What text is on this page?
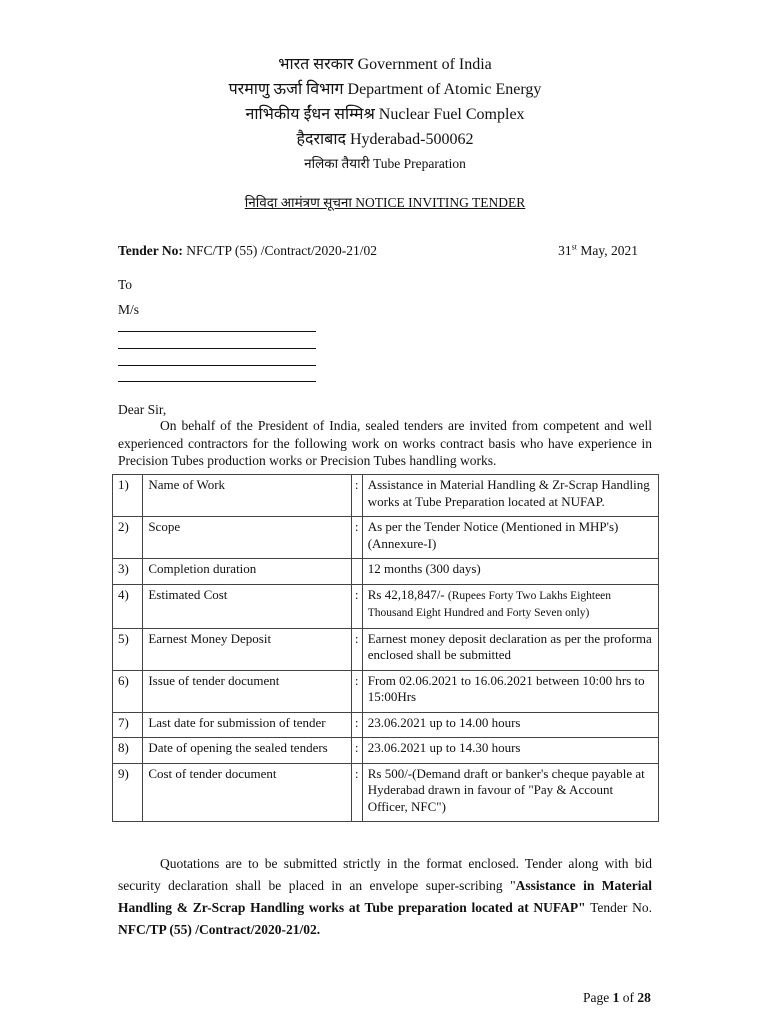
भारत सरकार Government of India
परमाणु ऊर्जा विभाग Department of Atomic Energy
नाभिकीय ईंधन सम्मिश्र Nuclear Fuel Complex
हैदराबाद Hyderabad-500062
नलिका तैयारी Tube Preparation
निविदा आमंत्रण सूचना NOTICE INVITING TENDER
Tender No: NFC/TP (55) /Contract/2020-21/02	31st May, 2021
To
M/s
Dear Sir,
On behalf of the President of India, sealed tenders are invited from competent and well experienced contractors for the following work on works contract basis who have experience in Precision Tubes production works or Precision Tubes handling works.
1)	Name of Work	:	Assistance in Material Handling & Zr-Scrap Handling works at Tube Preparation located at NUFAP.
2)	Scope	:	As per the Tender Notice (Mentioned in MHP's) (Annexure-I)
3)	Completion duration		12 months (300 days)
4)	Estimated Cost	:	Rs 42,18,847/- (Rupees Forty Two Lakhs Eighteen Thousand Eight Hundred and Forty Seven only)
5)	Earnest Money Deposit	:	Earnest money deposit declaration as per the proforma enclosed shall be submitted
6)	Issue of tender document	:	From 02.06.2021 to 16.06.2021 between 10:00 hrs to 15:00Hrs
7)	Last date for submission of tender	:	23.06.2021 up to 14.00 hours
8)	Date of opening the sealed tenders	:	23.06.2021 up to 14.30 hours
9)	Cost of tender document	:	Rs 500/-(Demand draft or banker's cheque payable at Hyderabad drawn in favour of "Pay & Account Officer, NFC")
Quotations are to be submitted strictly in the format enclosed. Tender along with bid security declaration shall be placed in an envelope super-scribing "Assistance in Material Handling & Zr-Scrap Handling works at Tube preparation located at NUFAP" Tender No. NFC/TP (55) /Contract/2020-21/02.
Page 1 of 28
